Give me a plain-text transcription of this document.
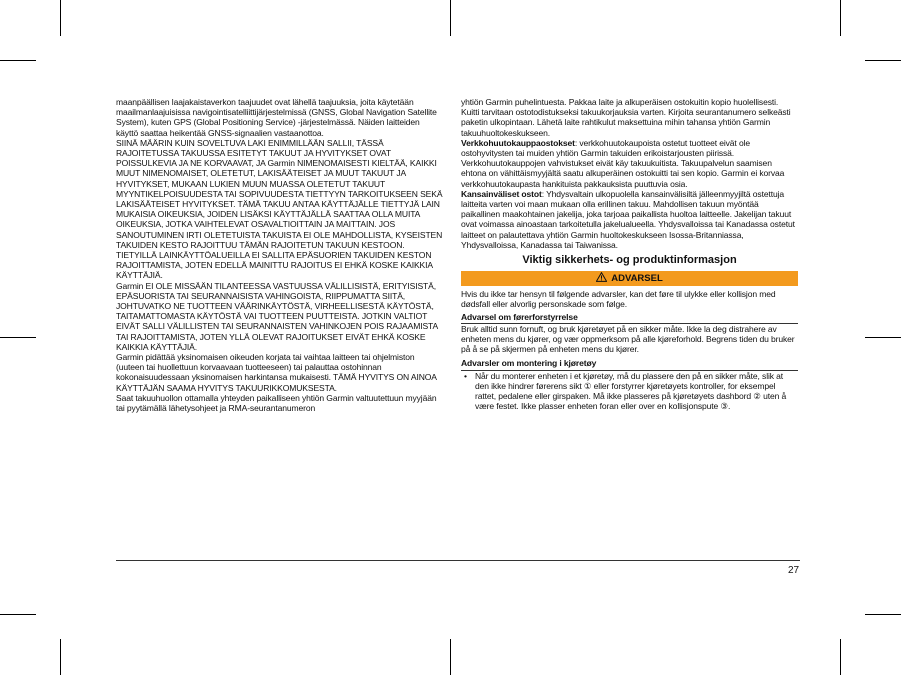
maanpäällisen laajakaistaverkon taajuudet ovat lähellä taajuuksia, joita käytetään maailmanlaajuisissa navigointisatelliittijärjestelmissä (GNSS, Global Navigation Satellite System), kuten GPS (Global Positioning Service) -järjestelmässä. Näiden laitteiden käyttö saattaa heikentää GNSS-signaalien vastaanottoa.

SIINÄ MÄÄRIN KUIN SOVELTUVA LAKI ENIMMILLÄÄN SALLII, TÄSSÄ RAJOITETUSSA TAKUUSSA ESITETYT TAKUUT JA HYVITYKSET OVAT POISSULKEVIA JA NE KORVAAVAT, JA Garmin NIMENOMAISESTI KIELTÄÄ, KAIKKI MUUT NIMENOMAISET, OLETETUT, LAKISÄÄTEISET JA MUUT TAKUUT JA HYVITYKSET, MUKAAN LUKIEN MUUN MUASSA OLETETUT TAKUUT MYYNTIKELPOISUUDESTA TAI SOPIVUUDESTA TIETTYYN TARKOITUKSEEN SEKÄ LAKISÄÄTEISET HYVITYKSET. TÄMÄ TAKUU ANTAA KÄYTTÄJÄLLE TIETTYJÄ LAIN MUKAISIA OIKEUKSIA, JOIDEN LISÄKSI KÄYTTÄJÄLLÄ SAATTAA OLLA MUITA OIKEUKSIA, JOTKA VAIHTELEVAT OSAVALTIOITTAIN JA MAITTAIN. JOS SANOUTUMINEN IRTI OLETETUISTA TAKUISTA EI OLE MAHDOLLISTA, KYSEISTEN TAKUIDEN KESTO RAJOITTUU TÄMÄN RAJOITETUN TAKUUN KESTOON. TIETYILLÄ LAINKÄYTTÖALUEILLA EI SALLITA EPÄSUORIEN TAKUIDEN KESTON RAJOITTAMISTA, JOTEN EDELLÄ MAINITTU RAJOITUS EI EHKÄ KOSKE KAIKKIA KÄYTTÄJIÄ.

Garmin EI OLE MISSÄÄN TILANTEESSA VASTUUSSA VÄLILLISISTÄ, ERITYISISTÄ, EPÄSUORISTA TAI SEURANNAISISTA VAHINGOISTA, RIIPPUMATTA SIITÄ, JOHTUVATKO NE TUOTTEEN VÄÄRINKÄYTÖSTÄ, VIRHEELLISESTÄ KÄYTÖSTÄ, TAITAMATTOMASTA KÄYTÖSTÄ VAI TUOTTEEN PUUTTEISTA. JOTKIN VALTIOT EIVÄT SALLI VÄLILLISTEN TAI SEURANNAISTEN VAHINKOJEN POIS RAJAAMISTA TAI RAJOITTAMISTA, JOTEN YLLÄ OLEVAT RAJOITUKSET EIVÄT EHKÄ KOSKE KAIKKIA KÄYTTÄJIÄ.

Garmin pidättää yksinomaisen oikeuden korjata tai vaihtaa laitteen tai ohjelmiston (uuteen tai huollettuun korvaavaan tuotteeseen) tai palauttaa ostohinnan kokonaisuudessaan yksinomaisen harkintansa mukaisesti. TÄMÄ HYVITYS ON AINOA KÄYTTÄJÄN SAAMA HYVITYS TAKUURIKKOMUKSESTA.

Saat takuuhuollon ottamalla yhteyden paikalliseen yhtiön Garmin valtuutettuun myyjään tai pyytämällä lähetysohjeet ja RMA-seurantanumeron

yhtiön Garmin puhelintuesta. Pakkaa laite ja alkuperäisen ostokuitin kopio huolellisesti. Kuitti tarvitaan ostotodistukseksi takuukorjauksia varten. Kirjoita seurantanumero selkeästi paketin ulkopintaan. Lähetä laite rahtikulut maksettuina mihin tahansa yhtiön Garmin takuuhuoltokeskukseen.

Verkkohuutokauppaostokset: verkkohuutokaupoista ostetut tuotteet eivät ole ostohyvitysten tai muiden yhtiön Garmin takuiden erikoistarjousten piirissä. Verkkohuutokauppojen vahvistukset eivät käy takuukuitista. Takuupalvelun saamisen ehtona on vähittäismyyjältä saatu alkuperäinen ostokuitti tai sen kopio. Garmin ei korvaa verkkohuutokaupasta hankituista pakkauksista puuttuvia osia.

Kansainväliset ostot: Yhdysvaltain ulkopuolella kansainvälisiltä jälleenmyyjiltä ostettuja laitteita varten voi maan mukaan olla erillinen takuu. Mahdollisen takuun myöntää paikallinen maakohtainen jakelija, joka tarjoaa paikallista huoltoa laitteelle. Jakelijan takuut ovat voimassa ainoastaan tarkoitetulla jakelualueella. Yhdysvalloissa tai Kanadassa ostetut laitteet on palautettava yhtiön Garmin huoltokeskukseen Isossa-Britanniassa, Yhdysvalloissa, Kanadassa tai Taiwanissa.

Viktig sikkerhets- og produktinformasjon
ADVARSEL

Hvis du ikke tar hensyn til følgende advarsler, kan det føre til ulykke eller kollisjon med dødsfall eller alvorlig personskade som følge.

Advarsel om førerforstyrrelse

Bruk alltid sunn fornuft, og bruk kjøretøyet på en sikker måte. Ikke la deg distrahere av enheten mens du kjører, og vær oppmerksom på alle kjøreforhold. Begrens tiden du bruker på å se på skjermen på enheten mens du kjører.

Advarsler om montering i kjøretøy
• Når du monterer enheten i et kjøretøy, må du plassere den på en sikker måte, slik at den ikke hindrer førerens sikt ① eller forstyrrer kjøretøyets kontroller, for eksempel rattet, pedalene eller girspaken. Må ikke plasseres på kjøretøyets dashbord ② uten å være festet. Ikke plasser enheten foran eller over en kollisjonspute ③.
27
